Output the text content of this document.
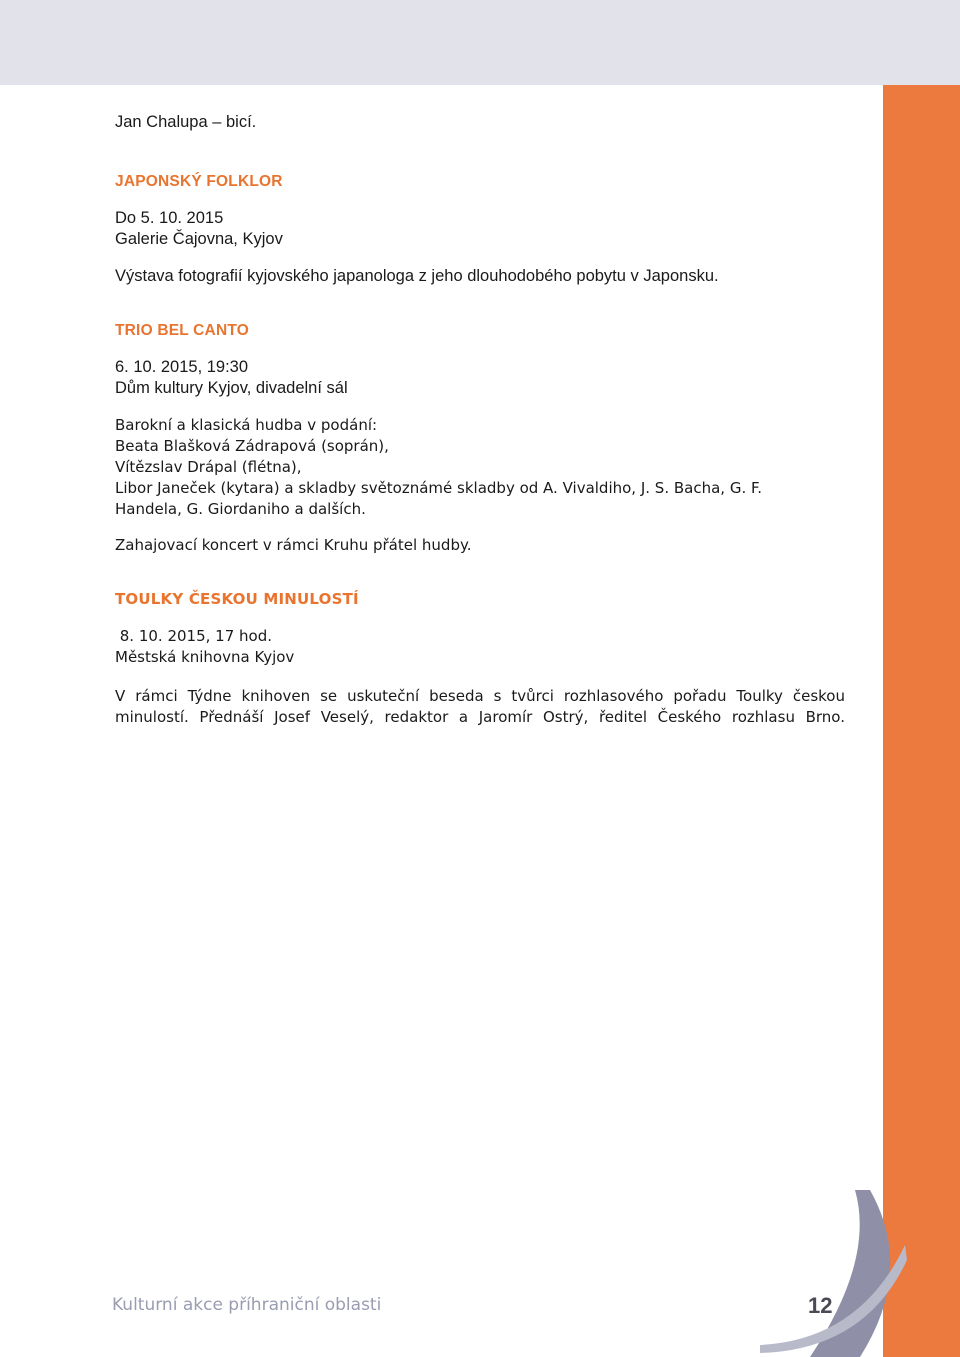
Jan Chalupa – bicí.

JAPONSKÝ FOLKLOR

Do 5. 10. 2015

Galerie Čajovna, Kyjov

Výstava fotografií kyjovského japanologa z jeho dlouhodobého pobytu v Japonsku.

TRIO BEL CANTO

6. 10. 2015, 19:30

Dům kultury Kyjov, divadelní sál

Barokní a klasická hudba v podání:

Beata Blašková Zádrapová (soprán),

Vítězslav Drápal (flétna),

Libor Janeček (kytara) a skladby světoznámé skladby od A. Vivaldiho, J. S. Bacha, G. F.

Handela, G. Giordaniho a dalších.

Zahajovací koncert v rámci Kruhu přátel hudby.

TOULKY ČESKOU MINULOSTÍ

8. 10. 2015, 17 hod.

Městská knihovna Kyjov

V rámci Týdne knihoven se uskuteční beseda s tvůrci rozhlasového pořadu Toulky českou

minulostí. Přednáší Josef Veselý, redaktor a Jaromír Ostrý, ředitel Českého rozhlasu Brno.

Kulturní akce příhraniční oblasti	12
